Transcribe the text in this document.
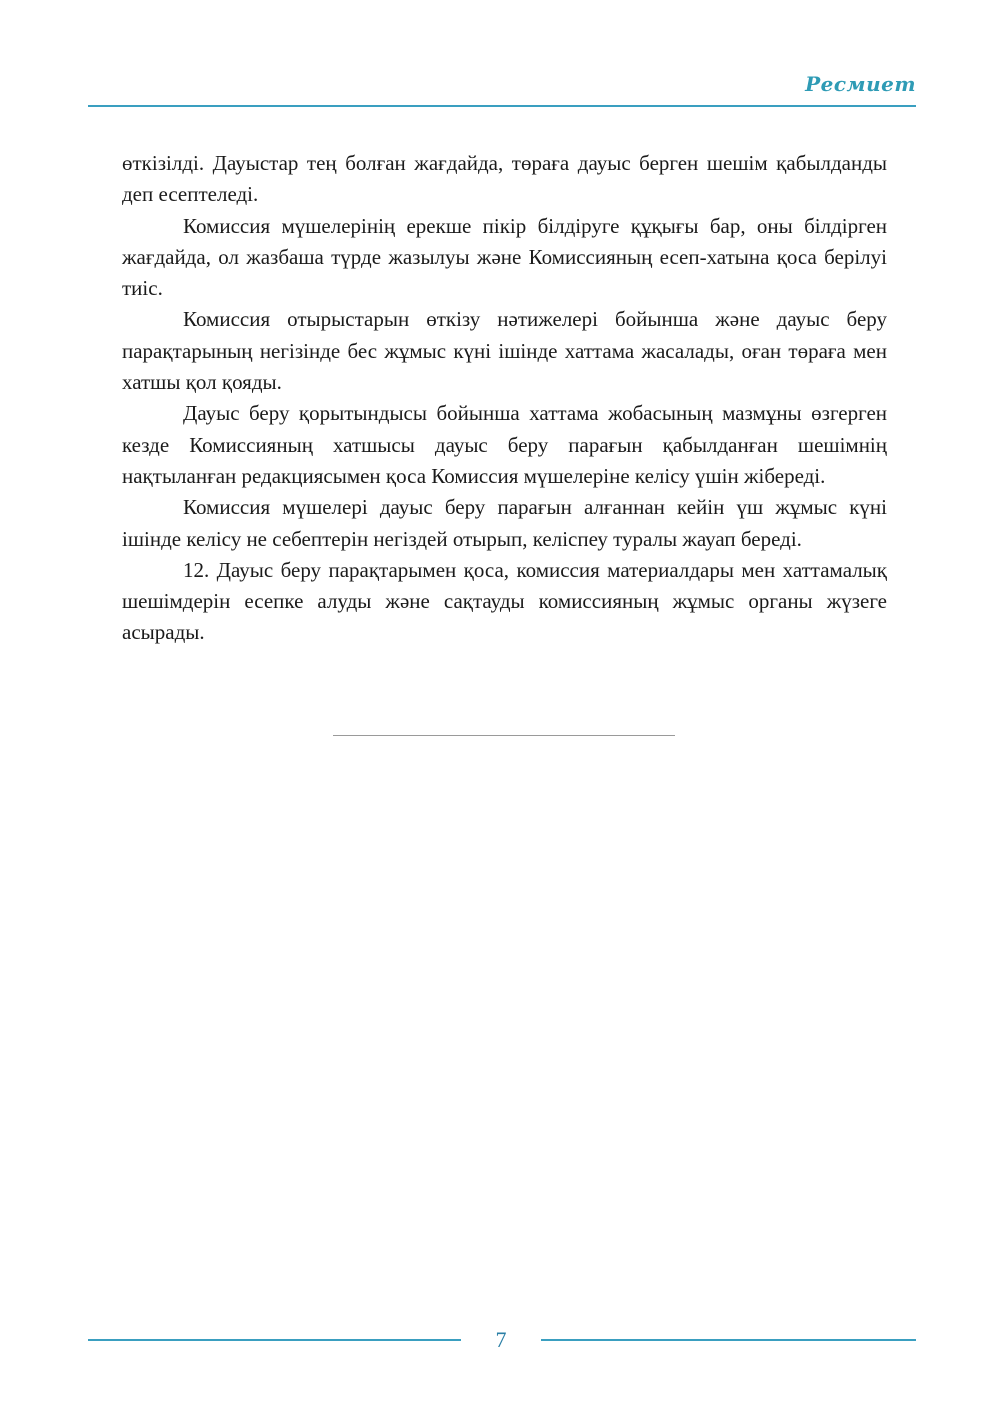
Ресмиет

өткізілді. Дауыстар тең болған жағдайда, төраға дауыс берген шешім қабылданды деп есептеледі.

Комиссия мүшелерінің ерекше пікір білдіруге құқығы бар, оны білдірген жағдайда, ол жазбаша түрде жазылуы және Комиссияның есеп-хатына қоса берілуі тиіс.

Комиссия отырыстарын өткізу нәтижелері бойынша және дауыс беру парақтарының негізінде бес жұмыс күні ішінде хаттама жасалады, оған төраға мен хатшы қол қояды.

Дауыс беру қорытындысы бойынша хаттама жобасының мазмұны өзгерген кезде Комиссияның хатшысы дауыс беру парағын қабылданған шешімнің нақтыланған редакциясымен қоса Комиссия мүшелеріне келісу үшін жібереді.

Комиссия мүшелері дауыс беру парағын алғаннан кейін үш жұмыс күні ішінде келісу не себептерін негіздей отырып, келіспеу туралы жауап береді.

12. Дауыс беру парақтарымен қоса, комиссия материалдары мен хаттамалық шешімдерін есепке алуды және сақтауды комиссияның жұмыс органы жүзеге асырады.

7
